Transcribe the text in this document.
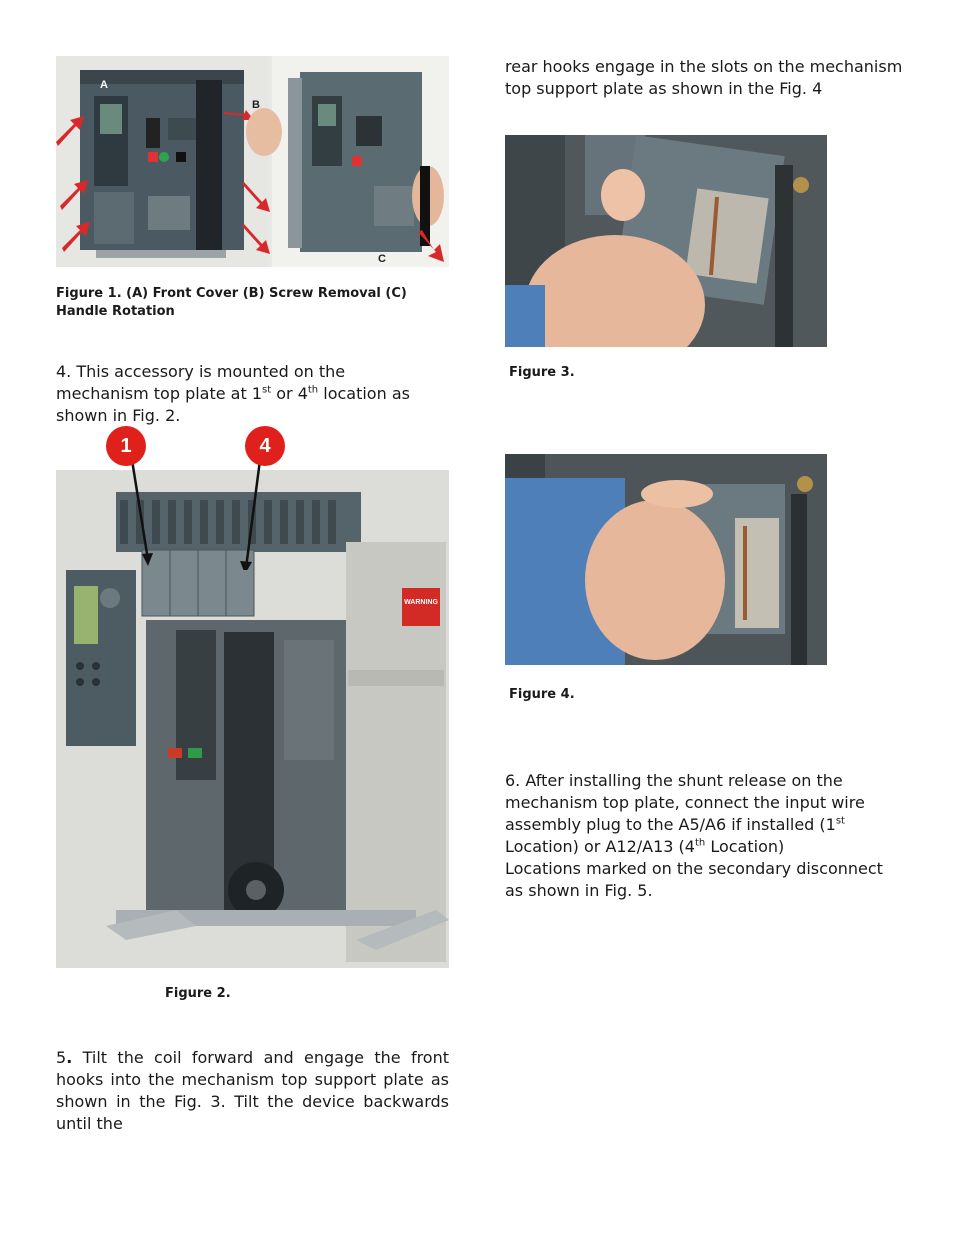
A
B
C
Figure 1. (A) Front Cover (B) Screw Removal (C) Handle Rotation
4. This accessory is mounted on the mechanism top plate at 1st or 4th location as shown in Fig. 2.
WARNING
1	4
Figure 2.
5. Tilt the coil forward and engage the front hooks into the mechanism top support plate as shown in the Fig. 3. Tilt the device backwards until the
rear hooks engage in the slots on the mechanism top support plate as shown in the Fig. 4
Figure 3.
Figure 4.
6. After installing the shunt release on the mechanism top plate, connect the input wire assembly plug to the A5/A6 if installed (1st Location) or A12/A13 (4th Location)
Locations marked on the secondary disconnect as shown in Fig. 5.
